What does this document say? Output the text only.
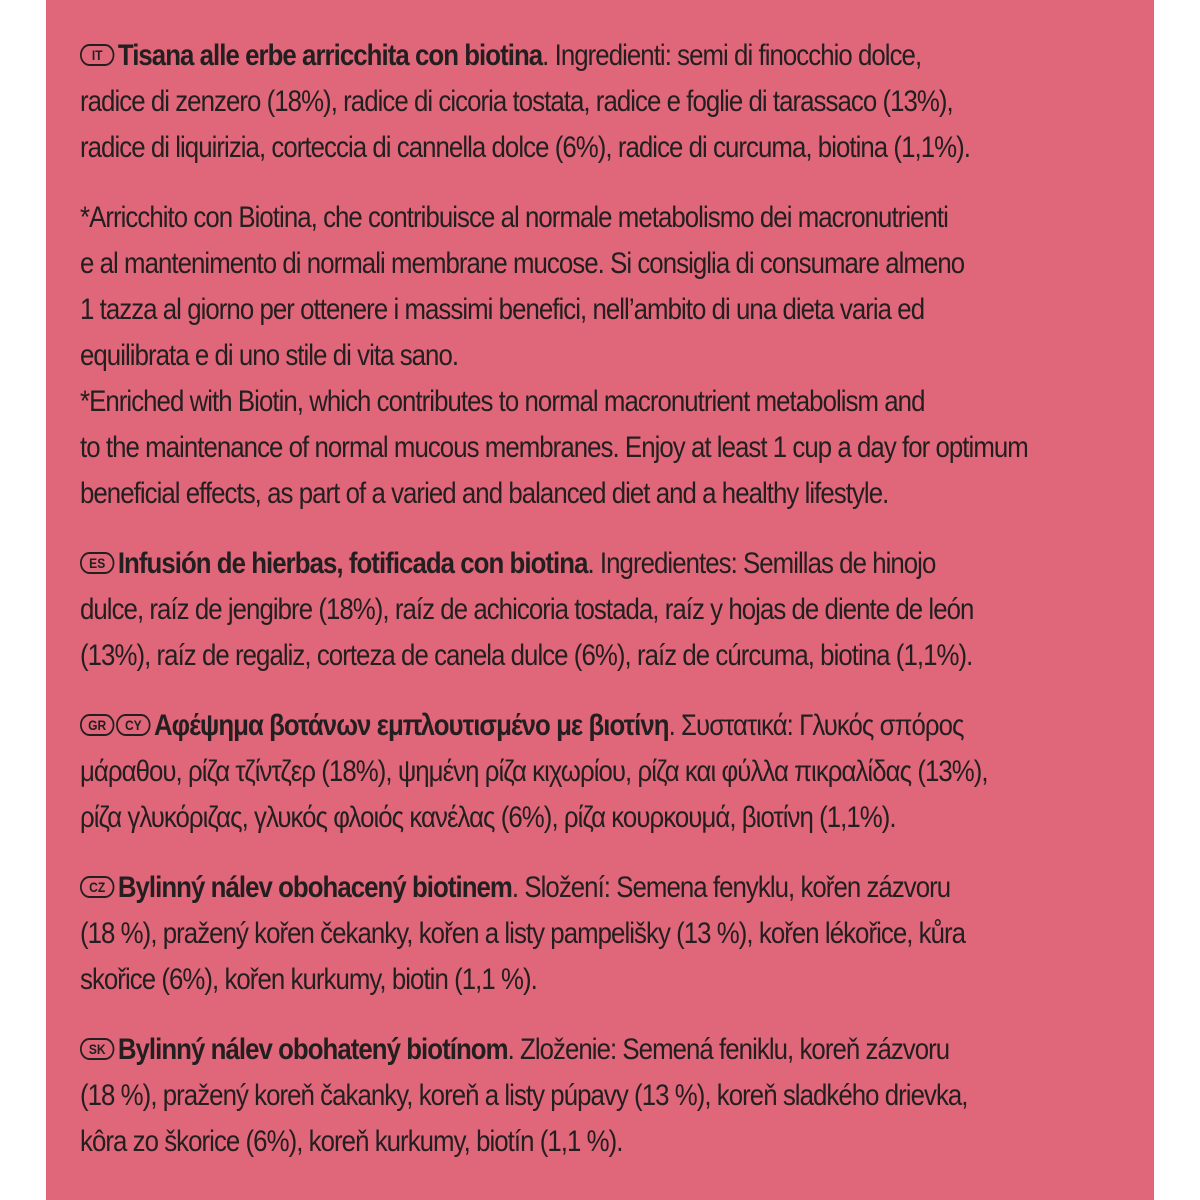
IT Tisana alle erbe arricchita con biotina. Ingredienti: semi di finocchio dolce,

radice di zenzero (18%), radice di cicoria tostata, radice e foglie di tarassaco (13%),

radice di liquirizia, corteccia di cannella dolce (6%), radice di curcuma, biotina (1,1%).

*Arricchito con Biotina, che contribuisce al normale metabolismo dei macronutrienti

e al mantenimento di normali membrane mucose. Si consiglia di consumare almeno

1 tazza al giorno per ottenere i massimi benefici, nell’ambito di una dieta varia ed

equilibrata e di uno stile di vita sano.

*Enriched with Biotin, which contributes to normal macronutrient metabolism and

to the maintenance of normal mucous membranes. Enjoy at least 1 cup a day for optimum

beneficial effects, as part of a varied and balanced diet and a healthy lifestyle.

ES Infusión de hierbas, fotificada con biotina. Ingredientes: Semillas de hinojo

dulce, raíz de jengibre (18%), raíz de achicoria tostada, raíz y hojas de diente de león

(13%), raíz de regaliz, corteza de canela dulce (6%), raíz de cúrcuma, biotina (1,1%).

GR CY Αφέψημα βοτάνων εμπλουτισμένο με βιοτίνη. Συστατικά: Γλυκός σπόρος

μάραθου, ρίζα τζίντζερ (18%), ψημένη ρίζα κιχωρίου, ρίζα και φύλλα πικραλίδας (13%),

ρίζα γλυκόριζας, γλυκός φλοιός κανέλας (6%), ρίζα κουρκουμά, βιοτίνη (1,1%).

CZ Bylinný nálev obohacený biotinem. Složení: Semena fenyklu, kořen zázvoru

(18 %), pražený kořen čekanky, kořen a listy pampelišky (13 %), kořen lékořice, kůra

skořice (6%), kořen kurkumy, biotin (1,1 %).

SK Bylinný nálev obohatený biotínom. Zloženie: Semená feniklu, koreň zázvoru

(18 %), pražený koreň čakanky, koreň a listy púpavy (13 %), koreň sladkého drievka,

kôra zo škorice (6%), koreň kurkumy, biotín (1,1 %).
